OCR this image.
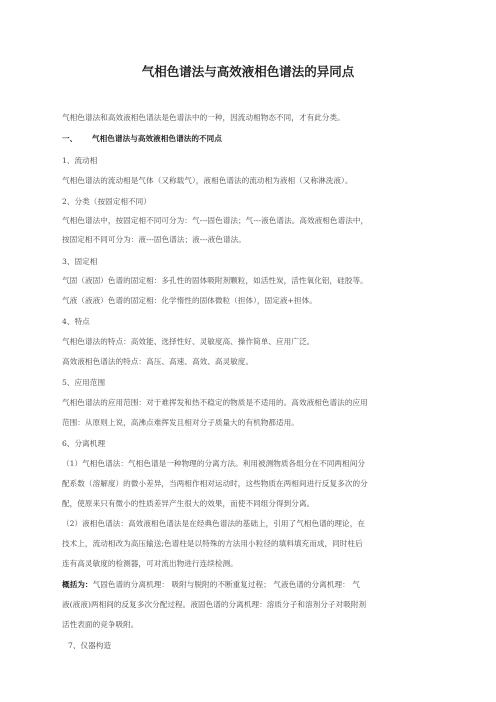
气相色谱法与高效液相色谱法的异同点
气相色谱法和高效液相色谱法是色谱法中的一种，因流动相物态不同，才有此分类。
一、 气相色谱法与高效液相色谱法的不同点
1、流动相
气相色谱法的流动相是气体（又称载气），液相色谱法的流动相为液相（又称淋洗液）。
2、分类（按固定相不同）
气相色谱法中，按固定相不同可分为：气---固色谱法；气---液色谱法。高效液相色谱法中，
按固定相不同可分为：液---固色谱法；液---液色谱法。
3、固定相
气固（液固）色谱的固定相：多孔性的固体吸附剂颗粒，如活性炭，活性氧化铝，硅胶等。
气液（液液）色谱的固定相：化学惰性的固体微粒（担体），固定液+担体。
4、特点
气相色谱法的特点：高效能、选择性好、灵敏度高、操作简单、应用广泛。
高效液相色谱法的特点：高压、高速、高效、高灵敏度。
5、应用范围
气相色谱法的应用范围：对于难挥发和热不稳定的物质是不适用的。高效液相色谱法的应用
范围：从原则上说，高沸点难挥发且相对分子质量大的有机物都适用。
6、分离机理
（1）气相色谱法：气相色谱是一种物理的分离方法。利用被测物质各组分在不同两相间分
配系数（溶解度）的微小差异，当两相作相对运动时，这些物质在两相间进行反复多次的分
配，使原来只有微小的性质差异产生很大的效果，而使不同组分得到分离。
（2）液相色谱法：高效液相色谱法是在经典色谱法的基础上，引用了气相色谱的理论，在
技术上，流动相改为高压输送;色谱柱是以特殊的方法用小粒径的填料填充而成，同时柱后
连有高灵敏度的检测器，可对流出物进行连续检测。
概括为：气固色谱的分离机理： 吸附与脱附的不断重复过程； 气液色谱的分离机理： 气
液(液液)两相间的反复多次分配过程。液固色谱的分离机理：溶质分子和溶剂分子对吸附剂
活性表面的竞争吸附。
7、仪器构造
